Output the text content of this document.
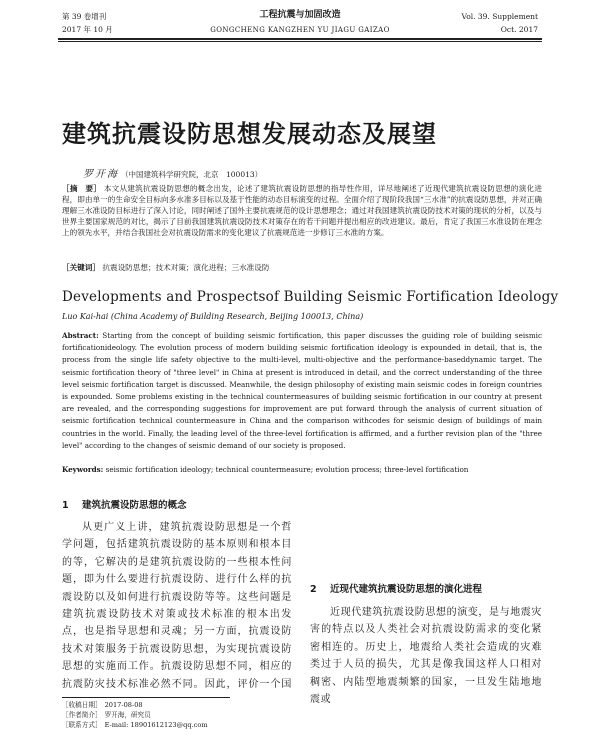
第 39 卷增刊
2017 年 10 月
工程抗震与加固改造
GONGCHENG KANGZHEN YU JIAGU GAIZAO
Vol. 39. Supplement
Oct. 2017
建筑抗震设防思想发展动态及展望
罗开海 （中国建筑科学研究院，北京　100013）
［摘　要］ 本文从建筑抗震设防思想的概念出发，论述了建筑抗震设防思想的指导性作用，详尽地阐述了近现代建筑抗震设防思想的演化进程，即由单一的生命安全目标向多水准多目标以及基于性能的动态目标演变的过程。全面介绍了现阶段我国“三水准”的抗震设防思想，并对正确理解三水准设防目标进行了深入讨论，同时阐述了国外主要抗震规范的设计思想理念；通过对我国建筑抗震设防技术对策的现状的分析，以及与世界主要国家规范的对比，揭示了目前我国建筑抗震设防技术对策存在的若干问题并提出相应的改进建议。最后，肯定了我国三水准设防在理念上的领先水平，并结合我国社会对抗震设防需求的变化建议了抗震规范进一步修订三水准的方案。
［关键词］ 抗震设防思想；技术对策；演化进程；三水准设防
Developments and Prospectsof Building Seismic Fortification Ideology
Luo Kai-hai (China Academy of Building Research, Beijing 100013, China)
Abstract: Starting from the concept of building seismic fortification, this paper discusses the guiding role of building seismic fortificationideology. The evolution process of modern building seismic fortification ideology is expounded in detail, that is, the process from the single life safety objective to the multi-level, multi-objective and the performance-baseddynamic target. The seismic fortification theory of "three level" in China at present is introduced in detail, and the correct understanding of the three level seismic fortification target is discussed. Meanwhile, the design philosophy of existing main seismic codes in foreign countries is expounded. Some problems existing in the technical countermeasures of building seismic fortification in our country at present are revealed, and the corresponding suggestions for improvement are put forward through the analysis of current situation of seismic fortification technical countermeasure in China and the comparison withcodes for seismic design of buildings of main countries in the world. Finally, the leading level of the three-level fortification is affirmed, and a further revision plan of the "three level" according to the changes of seismic demand of our society is proposed.
Keywords: seismic fortification ideology; technical countermeasure; evolution process; three-level fortification
1 建筑抗震设防思想的概念
从更广义上讲，建筑抗震设防思想是一个哲学问题，包括建筑抗震设防的基本原则和根本目的等，它解决的是建筑抗震设防的一些根本性问题，即为什么要进行抗震设防、进行什么样的抗震设防以及如何进行抗震设防等等。这些问题是建筑抗震设防技术对策或技术标准的根本出发点，也是指导思想和灵魂；另一方面，抗震设防技术对策服务于抗震设防思想，为实现抗震设防思想的实施而工作。抗震设防思想不同，相应的抗震防灾技术标准必然不同。因此，评价一个国
2 近现代建筑抗震设防思想的演化进程
近现代建筑抗震设防思想的演变，是与地震灾害的特点以及人类社会对抗震设防需求的变化紧密相连的。历史上，地震给人类社会造成的灾难类过于人员的损失，尤其是像我国这样人口相对稠密、内陆型地震频繁的国家，一旦发生陆地地震或
［收稿日期］ 2017-08-08
［作者简介］ 罗开海，研究员
［联系方式］ E-mail: 18901612123@qq.com
